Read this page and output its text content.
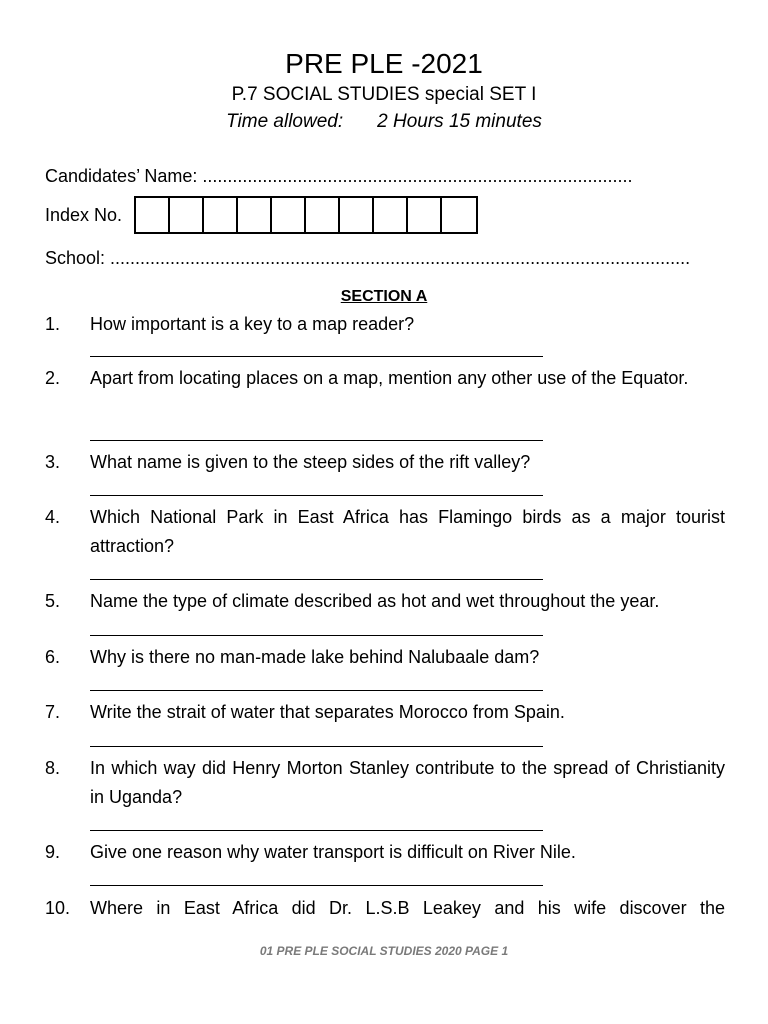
PRE PLE -2021
P.7 SOCIAL STUDIES special SET I
Time allowed: 2 Hours 15 minutes
Candidates’ Name: ......................................................................................
Index No.
School: ....................................................................................................................
SECTION A
1.	How important is a key to a map reader?
2.	Apart from locating places on a map, mention any other use of the Equator.
3.	What name is given to the steep sides of the rift valley?
4.	Which National Park in East Africa has Flamingo birds as a major tourist attraction?
5.	Name the type of climate described as hot and wet throughout the year.
6.	Why is there no man-made lake behind Nalubaale dam?
7.	Write the strait of water that separates Morocco from Spain.
8.	In which way did Henry Morton Stanley contribute to the spread of Christianity in Uganda?
9.	Give one reason why water transport is difficult on River Nile.
10.	Where in East Africa did Dr. L.S.B Leakey and his wife discover the
01 PRE PLE SOCIAL STUDIES 2020 PAGE 1
